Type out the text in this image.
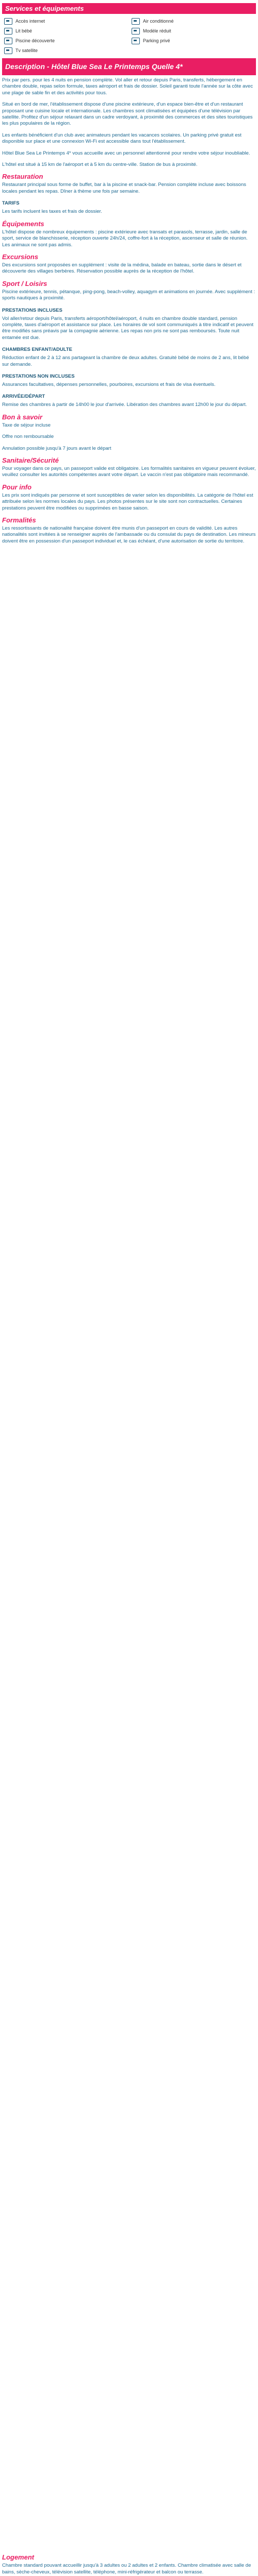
Services et équipements
Accès internet	Air conditionné
Lit bébé	Modèle réduit
Piscine découverte	Parking privé
Tv satellite
Description - Hôtel Blue Sea Le Printemps Quelle 4*

Prix par pers. pour les 4 nuits en pension complète. Vol aller et retour depuis Paris, transferts, hébergement en chambre double, repas selon formule, taxes aéroport et frais de dossier. Soleil garanti toute l'année sur la côte avec une plage de sable fin et des activités pour tous.

Situé en bord de mer, l'établissement dispose d'une piscine extérieure, d'un espace bien-être et d'un restaurant proposant une cuisine locale et internationale. Les chambres sont climatisées et équipées d'une télévision par satellite. Profitez d'un séjour relaxant dans un cadre verdoyant, à proximité des commerces et des sites touristiques les plus populaires de la région.

Les enfants bénéficient d'un club avec animateurs pendant les vacances scolaires. Un parking privé gratuit est disponible sur place et une connexion Wi-Fi est accessible dans tout l'établissement.

Hôtel Blue Sea Le Printemps 4* vous accueille avec un personnel attentionné pour rendre votre séjour inoubliable.

L'hôtel est situé à 15 km de l'aéroport et à 5 km du centre-ville. Station de bus à proximité.

Restauration

Restaurant principal sous forme de buffet, bar à la piscine et snack-bar. Pension complète incluse avec boissons locales pendant les repas. Dîner à thème une fois par semaine.

TARIFS

Les tarifs incluent les taxes et frais de dossier.

Équipements

L'hôtel dispose de nombreux équipements : piscine extérieure avec transats et parasols, terrasse, jardin, salle de sport, service de blanchisserie, réception ouverte 24h/24, coffre-fort à la réception, ascenseur et salle de réunion. Les animaux ne sont pas admis.

Excursions

Des excursions sont proposées en supplément : visite de la médina, balade en bateau, sortie dans le désert et découverte des villages berbères. Réservation possible auprès de la réception de l'hôtel.

Sport / Loisirs

Piscine extérieure, tennis, pétanque, ping-pong, beach-volley, aquagym et animations en journée. Avec supplément : sports nautiques à proximité.

PRESTATIONS INCLUSES

Vol aller/retour depuis Paris, transferts aéroport/hôtel/aéroport, 4 nuits en chambre double standard, pension complète, taxes d'aéroport et assistance sur place. Les horaires de vol sont communiqués à titre indicatif et peuvent être modifiés sans préavis par la compagnie aérienne. Les repas non pris ne sont pas remboursés. Toute nuit entamée est due.

CHAMBRES ENFANT/ADULTE

Réduction enfant de 2 à 12 ans partageant la chambre de deux adultes. Gratuité bébé de moins de 2 ans, lit bébé sur demande.

PRESTATIONS NON INCLUSES

Assurances facultatives, dépenses personnelles, pourboires, excursions et frais de visa éventuels.

ARRIVÉE/DÉPART

Remise des chambres à partir de 14h00 le jour d'arrivée. Libération des chambres avant 12h00 le jour du départ.

Bon à savoir

Taxe de séjour incluse

Offre non remboursable

Annulation possible jusqu'à 7 jours avant le départ

Sanitaire/Sécurité

Pour voyager dans ce pays, un passeport valide est obligatoire. Les formalités sanitaires en vigueur peuvent évoluer, veuillez consulter les autorités compétentes avant votre départ. Le vaccin n'est pas obligatoire mais recommandé.

Pour info

Les prix sont indiqués par personne et sont susceptibles de varier selon les disponibilités. La catégorie de l'hôtel est attribuée selon les normes locales du pays. Les photos présentes sur le site sont non contractuelles. Certaines prestations peuvent être modifiées ou supprimées en basse saison.

Formalités

Les ressortissants de nationalité française doivent être munis d'un passeport en cours de validité. Les autres nationalités sont invitées à se renseigner auprès de l'ambassade ou du consulat du pays de destination. Les mineurs doivent être en possession d'un passeport individuel et, le cas échéant, d'une autorisation de sortie du territoire.

Logement

Chambre standard pouvant accueillir jusqu'à 3 adultes ou 2 adultes et 2 enfants. Chambre climatisée avec salle de bains, sèche-cheveux, télévision satellite, téléphone, mini-réfrigérateur et balcon ou terrasse.
